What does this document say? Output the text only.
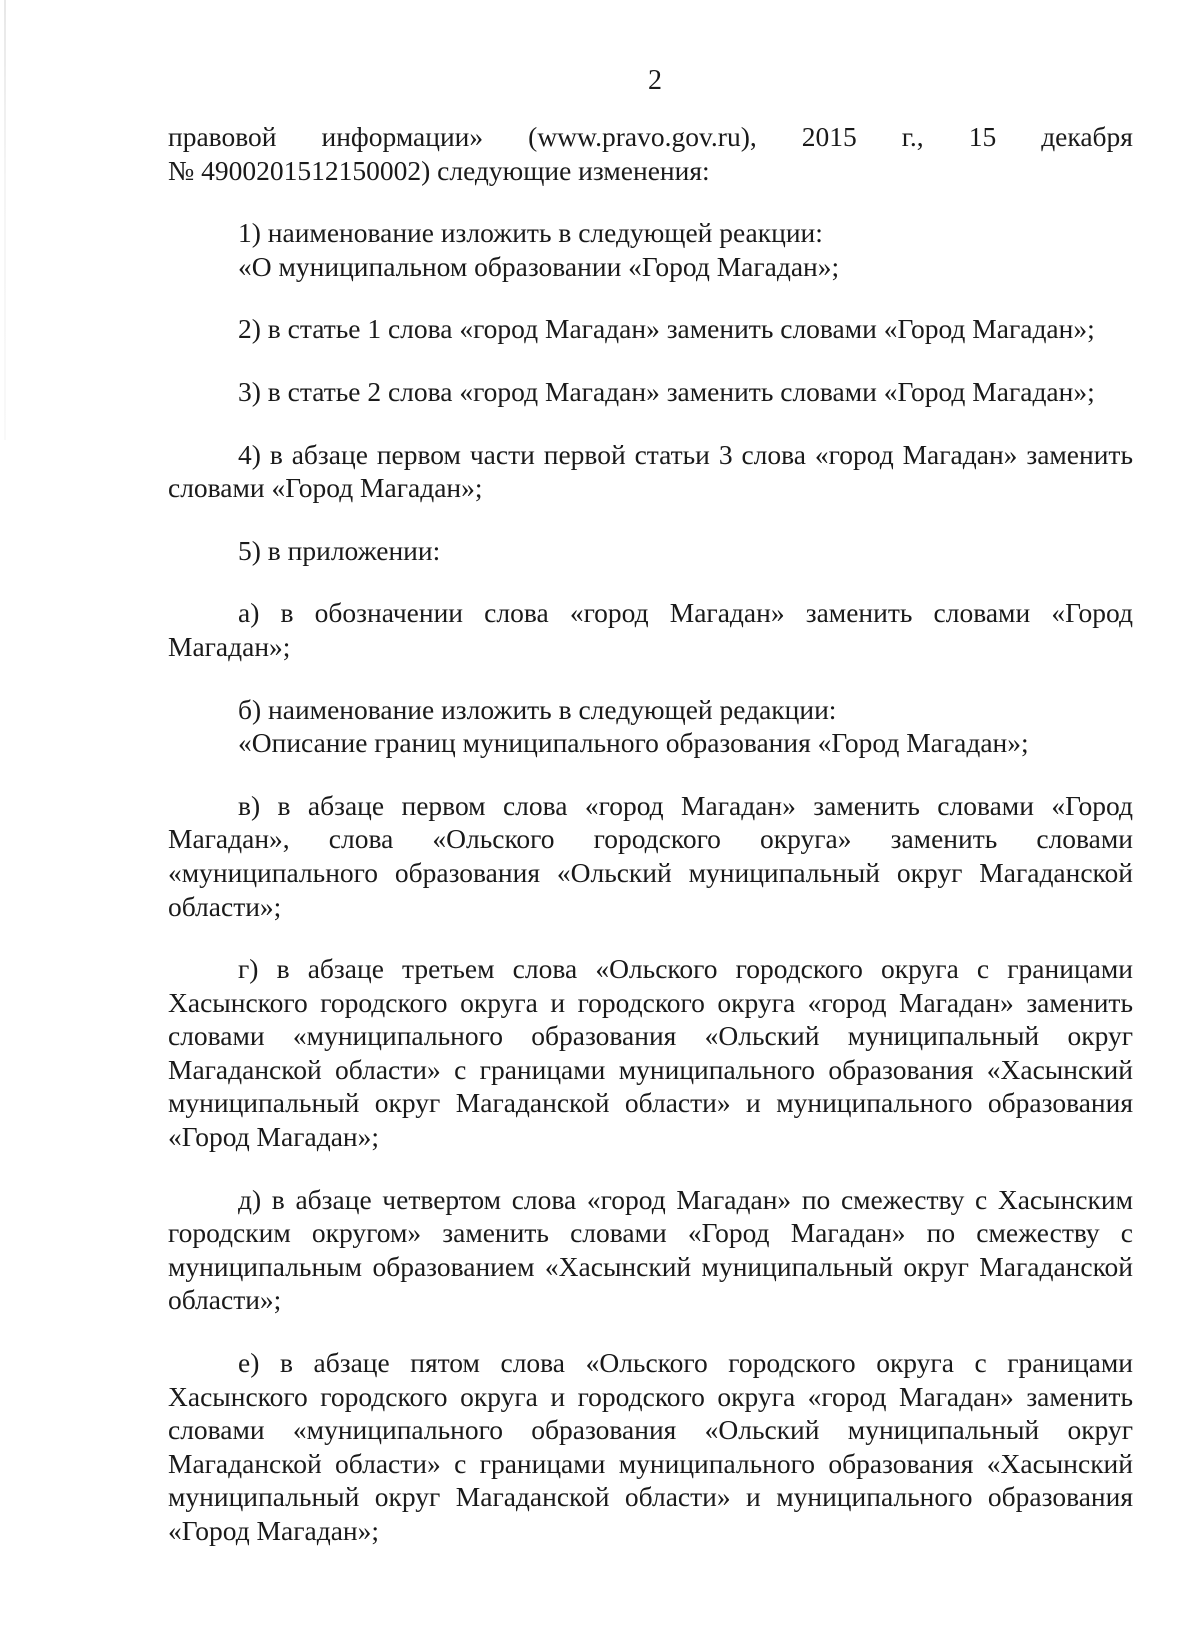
2
правовой информации» (www.pravo.gov.ru), 2015 г., 15 декабря
№ 4900201512150002) следующие изменения:

1) наименование изложить в следующей реакции:

«О муниципальном образовании «Город Магадан»;

2) в статье 1 слова «город Магадан» заменить словами «Город Магадан»;

3) в статье 2 слова «город Магадан» заменить словами «Город Магадан»;

4) в абзаце первом части первой статьи 3 слова «город Магадан» заменить словами «Город Магадан»;

5) в приложении:

а) в обозначении слова «город Магадан» заменить словами «Город Магадан»;

б) наименование изложить в следующей редакции:

«Описание границ муниципального образования «Город Магадан»;

в) в абзаце первом слова «город Магадан» заменить словами «Город Магадан», слова «Ольского городского округа» заменить словами «муниципального образования «Ольский муниципальный округ Магаданской области»;

г) в абзаце третьем слова «Ольского городского округа с границами Хасынского городского округа и городского округа «город Магадан» заменить словами «муниципального образования «Ольский муниципальный округ Магаданской области» с границами муниципального образования «Хасынский муниципальный округ Магаданской области» и муниципального образования «Город Магадан»;

д) в абзаце четвертом слова «город Магадан» по смежеству с Хасынским городским округом» заменить словами «Город Магадан» по смежеству с муниципальным образованием «Хасынский муниципальный округ Магаданской области»;

е) в абзаце пятом слова «Ольского городского округа с границами Хасынского городского округа и городского округа «город Магадан» заменить словами «муниципального образования «Ольский муниципальный округ Магаданской области» с границами муниципального образования «Хасынский муниципальный округ Магаданской области» и муниципального образования «Город Магадан»;
